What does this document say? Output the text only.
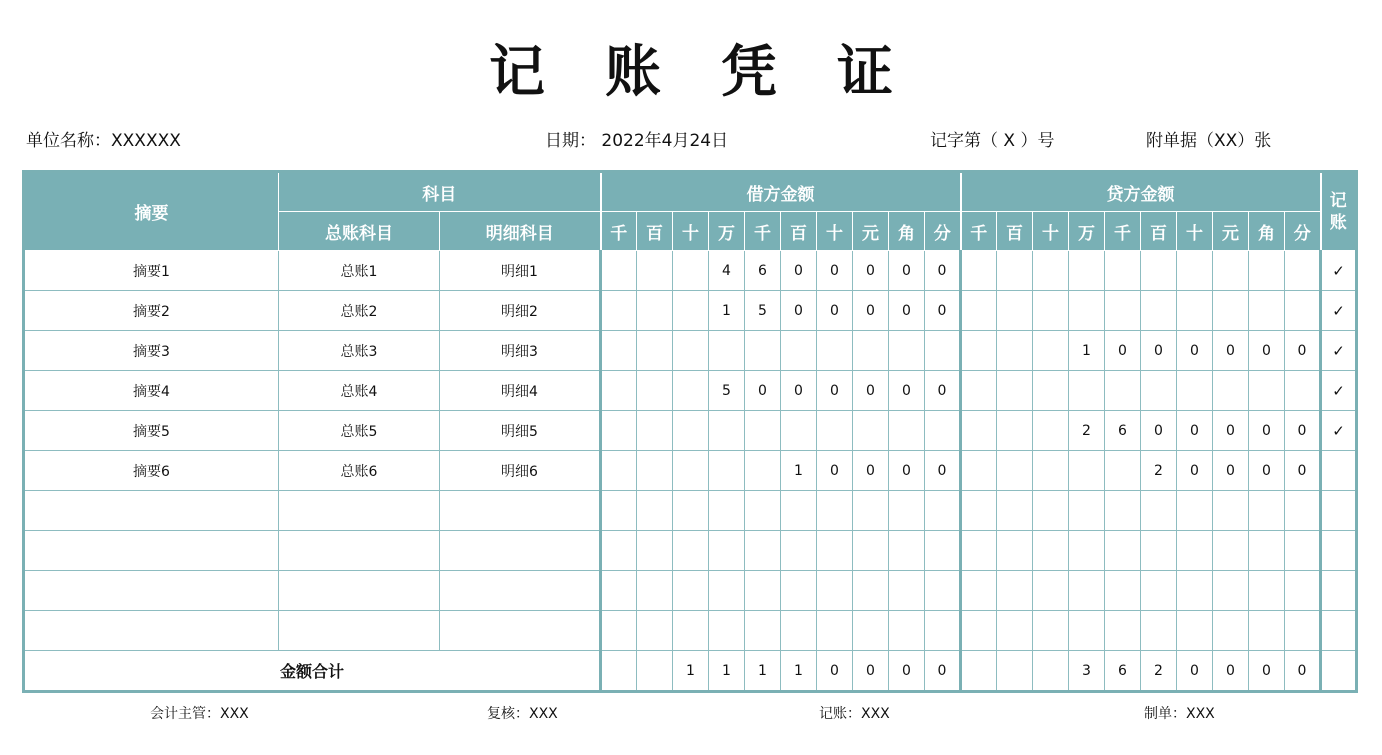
记账凭证
单位名称：XXXXXX	日期： 2022年4月24日	记字第（ X ）号	附单据（XX）张
摘要	科目		借方金额										贷方金额										记账
	总账科目	明细科目	千	百	十	万	千	百	十	元	角	分	千	百	十	万	千	百	十	元	角	分	
摘要1	总账1	明细1				4	6	0	0	0	0	0											✓
摘要2	总账2	明细2				1	5	0	0	0	0	0											✓
摘要3	总账3	明细3														1	0	0	0	0	0	0	✓
摘要4	总账4	明细4				5	0	0	0	0	0	0											✓
摘要5	总账5	明细5														2	6	0	0	0	0	0	✓
摘要6	总账6	明细6						1	0	0	0	0						2	0	0	0	0	

金额合计					1	1	1	1	0	0	0	0				3	6	2	0	0	0	0	
会计主管：XXX	复核：XXX	记账：XXX	制单：XXX
